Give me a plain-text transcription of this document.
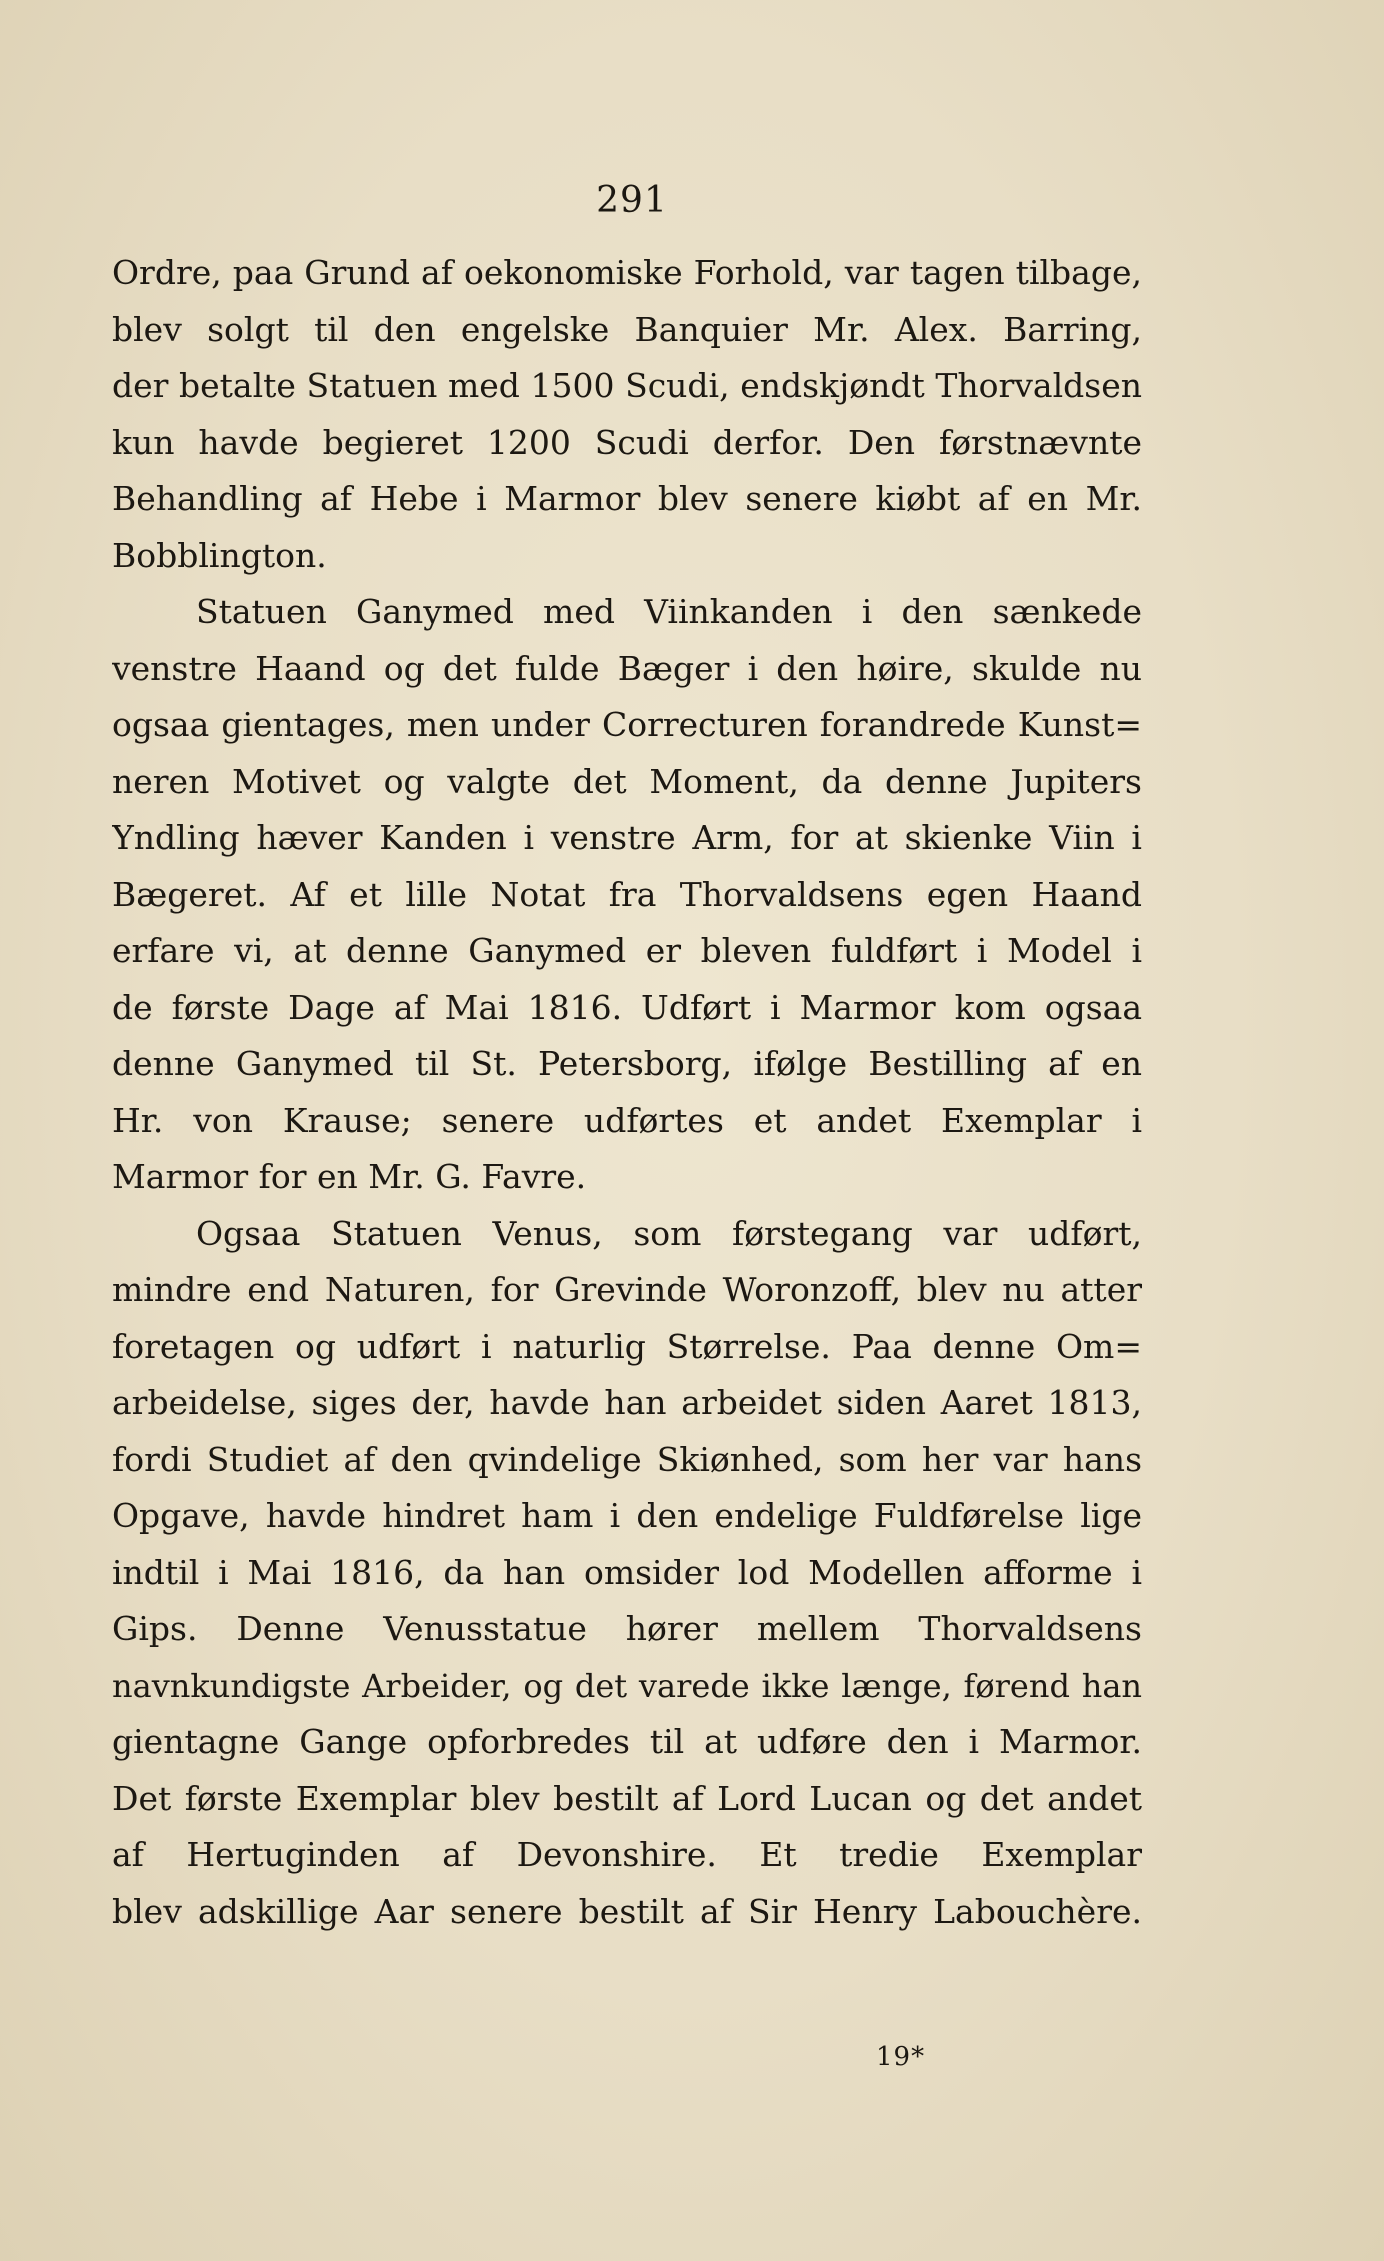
291
Ordre, paa Grund af oekonomiske Forhold, var tagen tilbage,
blev solgt til den engelske Banquier Mr. Alex. Barring,
der betalte Statuen med 1500 Scudi, endskjøndt Thorvaldsen
kun havde begieret 1200 Scudi derfor. Den førstnævnte
Behandling af Hebe i Marmor blev senere kiøbt af en Mr.
Bobblington.
Statuen Ganymed med Viinkanden i den sænkede
venstre Haand og det fulde Bæger i den høire, skulde nu
ogsaa gientages, men under Correcturen forandrede Kunst=
neren Motivet og valgte det Moment, da denne Jupiters
Yndling hæver Kanden i venstre Arm, for at skienke Viin i
Bægeret. Af et lille Notat fra Thorvaldsens egen Haand
erfare vi, at denne Ganymed er bleven fuldført i Model i
de første Dage af Mai 1816. Udført i Marmor kom ogsaa
denne Ganymed til St. Petersborg, ifølge Bestilling af en
Hr. von Krause; senere udførtes et andet Exemplar i
Marmor for en Mr. G. Favre.
Ogsaa Statuen Venus, som førstegang var udført,
mindre end Naturen, for Grevinde Woronzoff, blev nu atter
foretagen og udført i naturlig Størrelse. Paa denne Om=
arbeidelse, siges der, havde han arbeidet siden Aaret 1813,
fordi Studiet af den qvindelige Skiønhed, som her var hans
Opgave, havde hindret ham i den endelige Fuldførelse lige
indtil i Mai 1816, da han omsider lod Modellen afforme i
Gips. Denne Venusstatue hører mellem Thorvaldsens
navnkundigste Arbeider, og det varede ikke længe, førend han
gientagne Gange opforbredes til at udføre den i Marmor.
Det første Exemplar blev bestilt af Lord Lucan og det andet
af Hertuginden af Devonshire. Et tredie Exemplar
blev adskillige Aar senere bestilt af Sir Henry Labouchère.
19*
